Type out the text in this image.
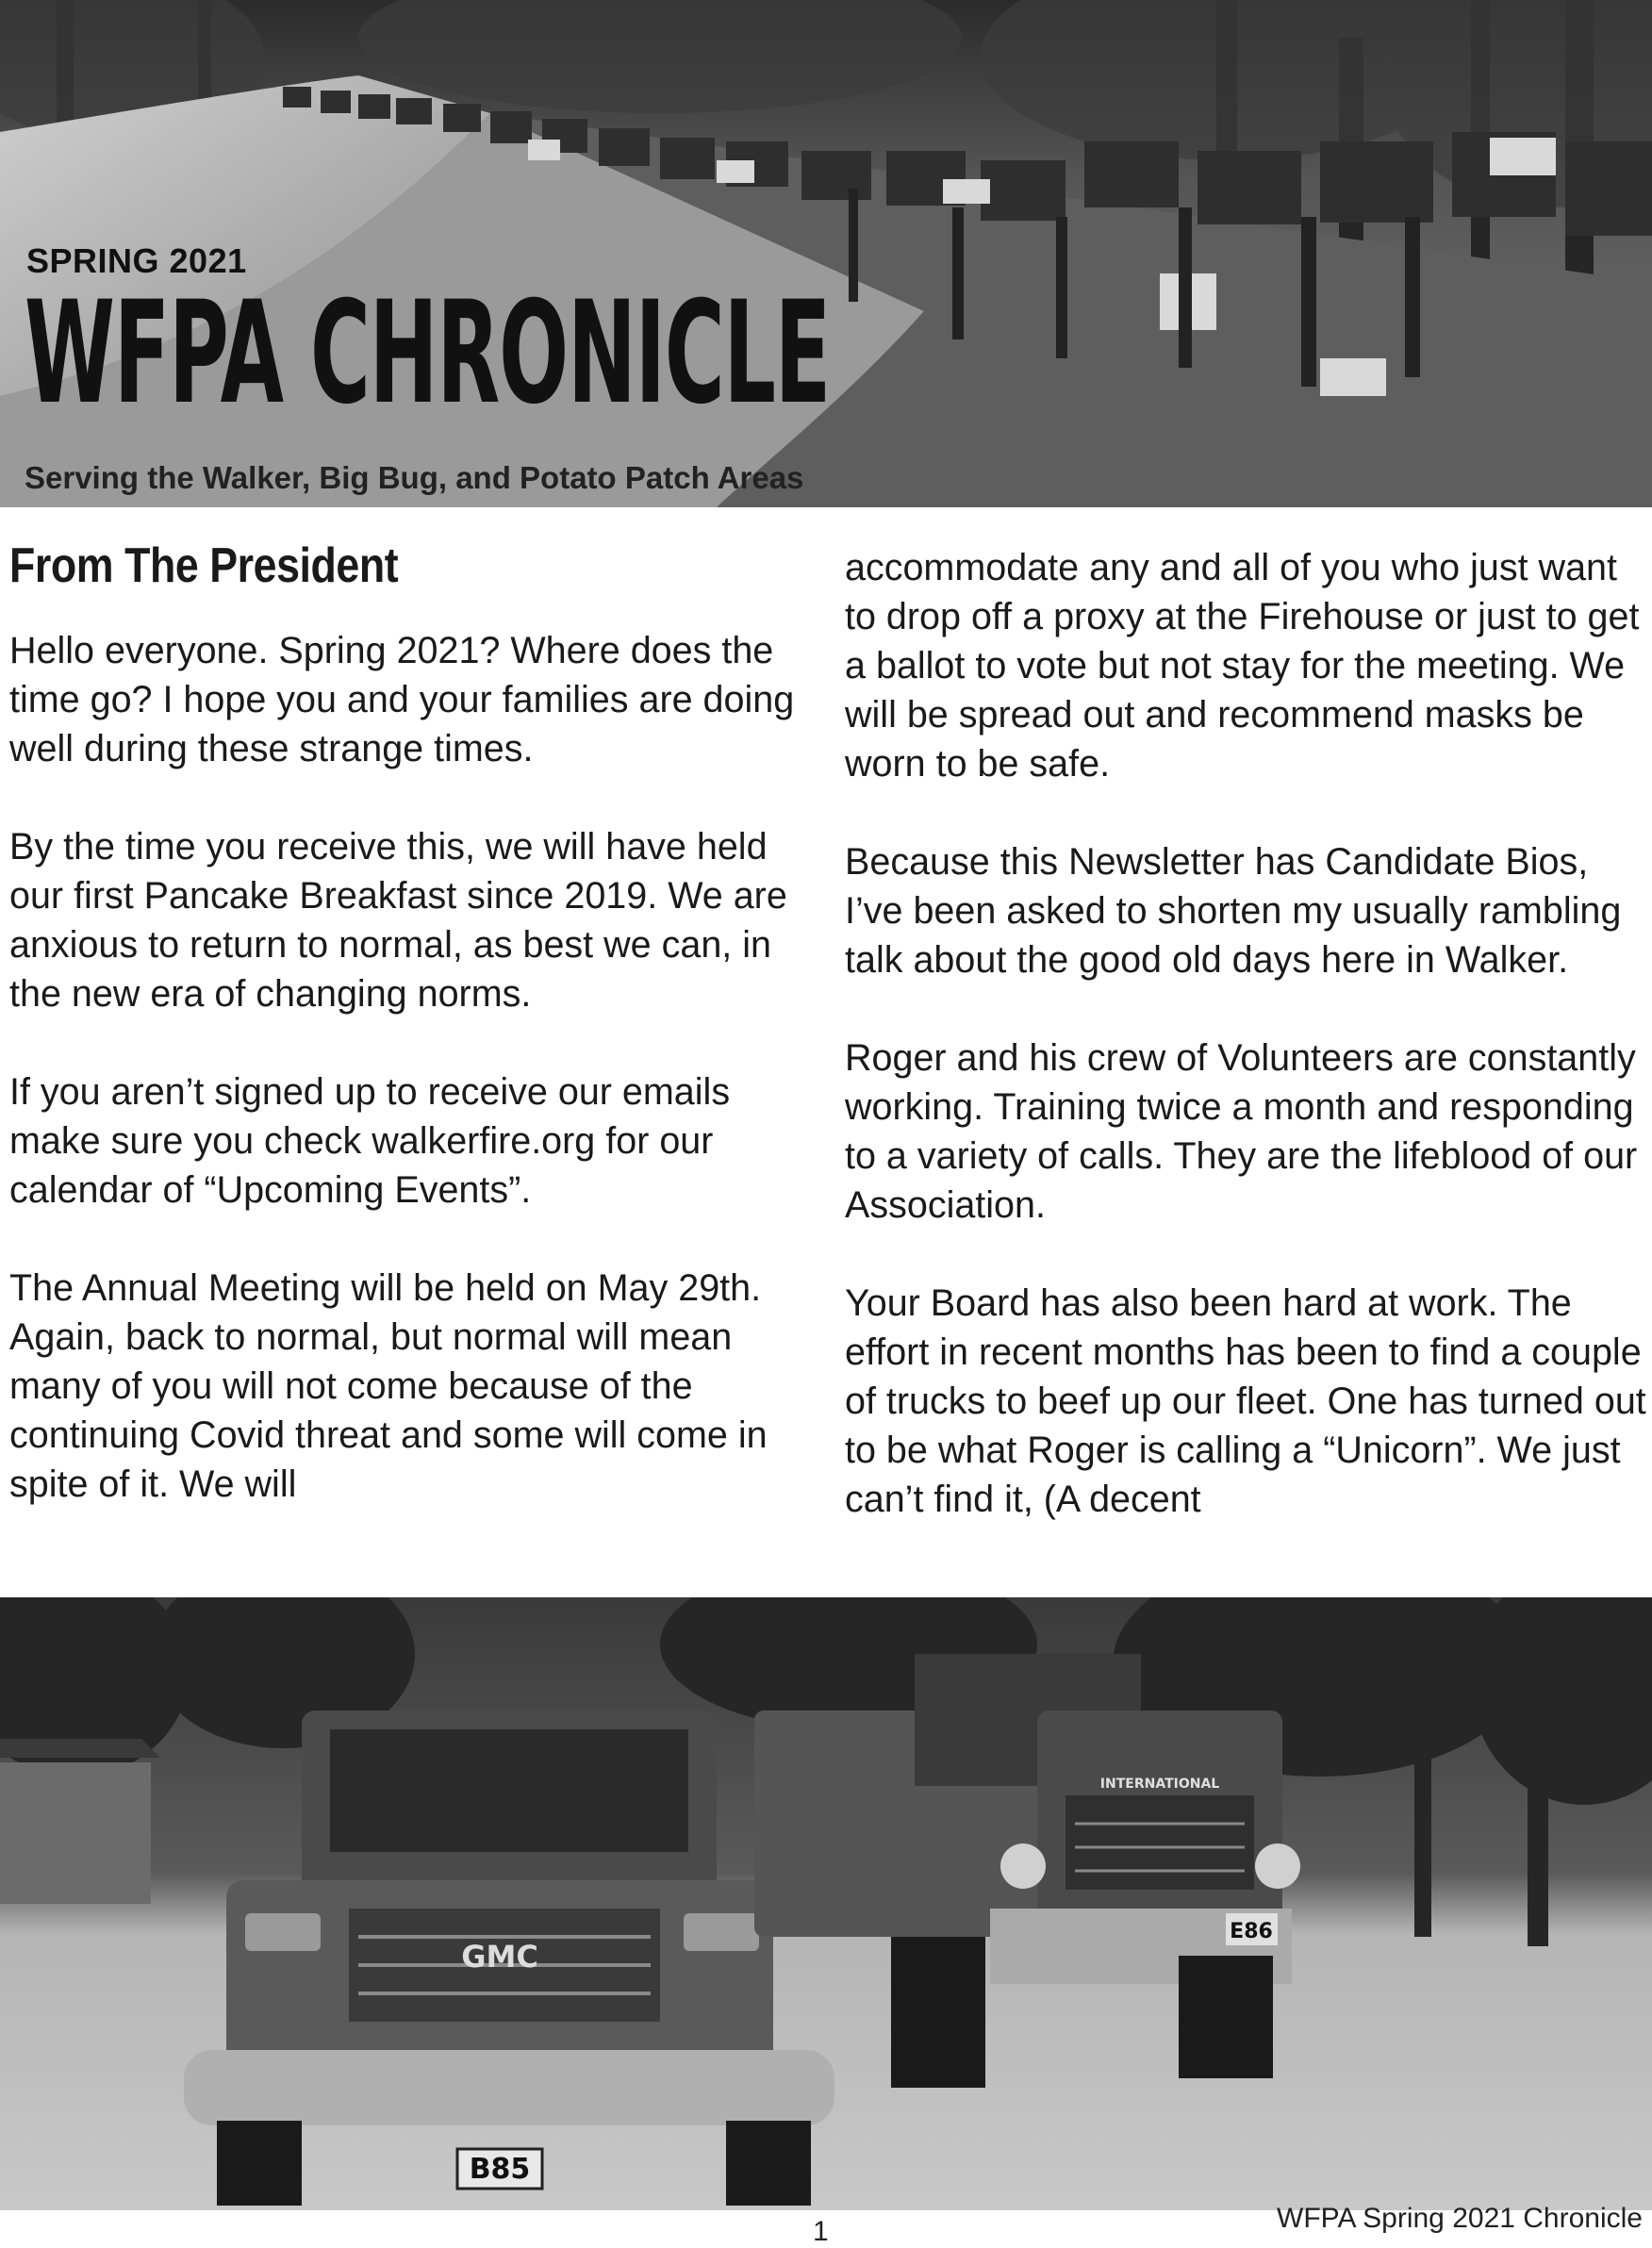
SPRING 2021
WFPA CHRONICLE
Serving the Walker, Big Bug, and Potato Patch Areas
From The President

Hello everyone. Spring 2021? Where does the time go? I hope you and your families are doing well during these strange times.

By the time you receive this, we will have held our first Pancake Breakfast since 2019. We are anxious to return to normal, as best we can, in the new era of changing norms.

If you aren’t signed up to receive our emails make sure you check walkerfire.org for our calendar of “Upcoming Events”.

The Annual Meeting will be held on May 29th. Again, back to normal, but normal will mean many of you will not come because of the continuing Covid threat and some will come in spite of it. We will

accommodate any and all of you who just want to drop off a proxy at the Firehouse or just to get a ballot to vote but not stay for the meeting. We will be spread out and recommend masks be worn to be safe.

Because this Newsletter has Candidate Bios, I’ve been asked to shorten my usually rambling talk about the good old days here in Walker.

Roger and his crew of Volunteers are constantly working. Training twice a month and responding to a variety of calls. They are the lifeblood of our Association.

Your Board has also been hard at work. The effort in recent months has been to find a couple of trucks to beef up our fleet. One has turned out to be what Roger is calling a “Unicorn”. We just can’t find it, (A decent

GMC
B85
INTERNATIONAL
E86
1	WFPA Spring 2021 Chronicle
